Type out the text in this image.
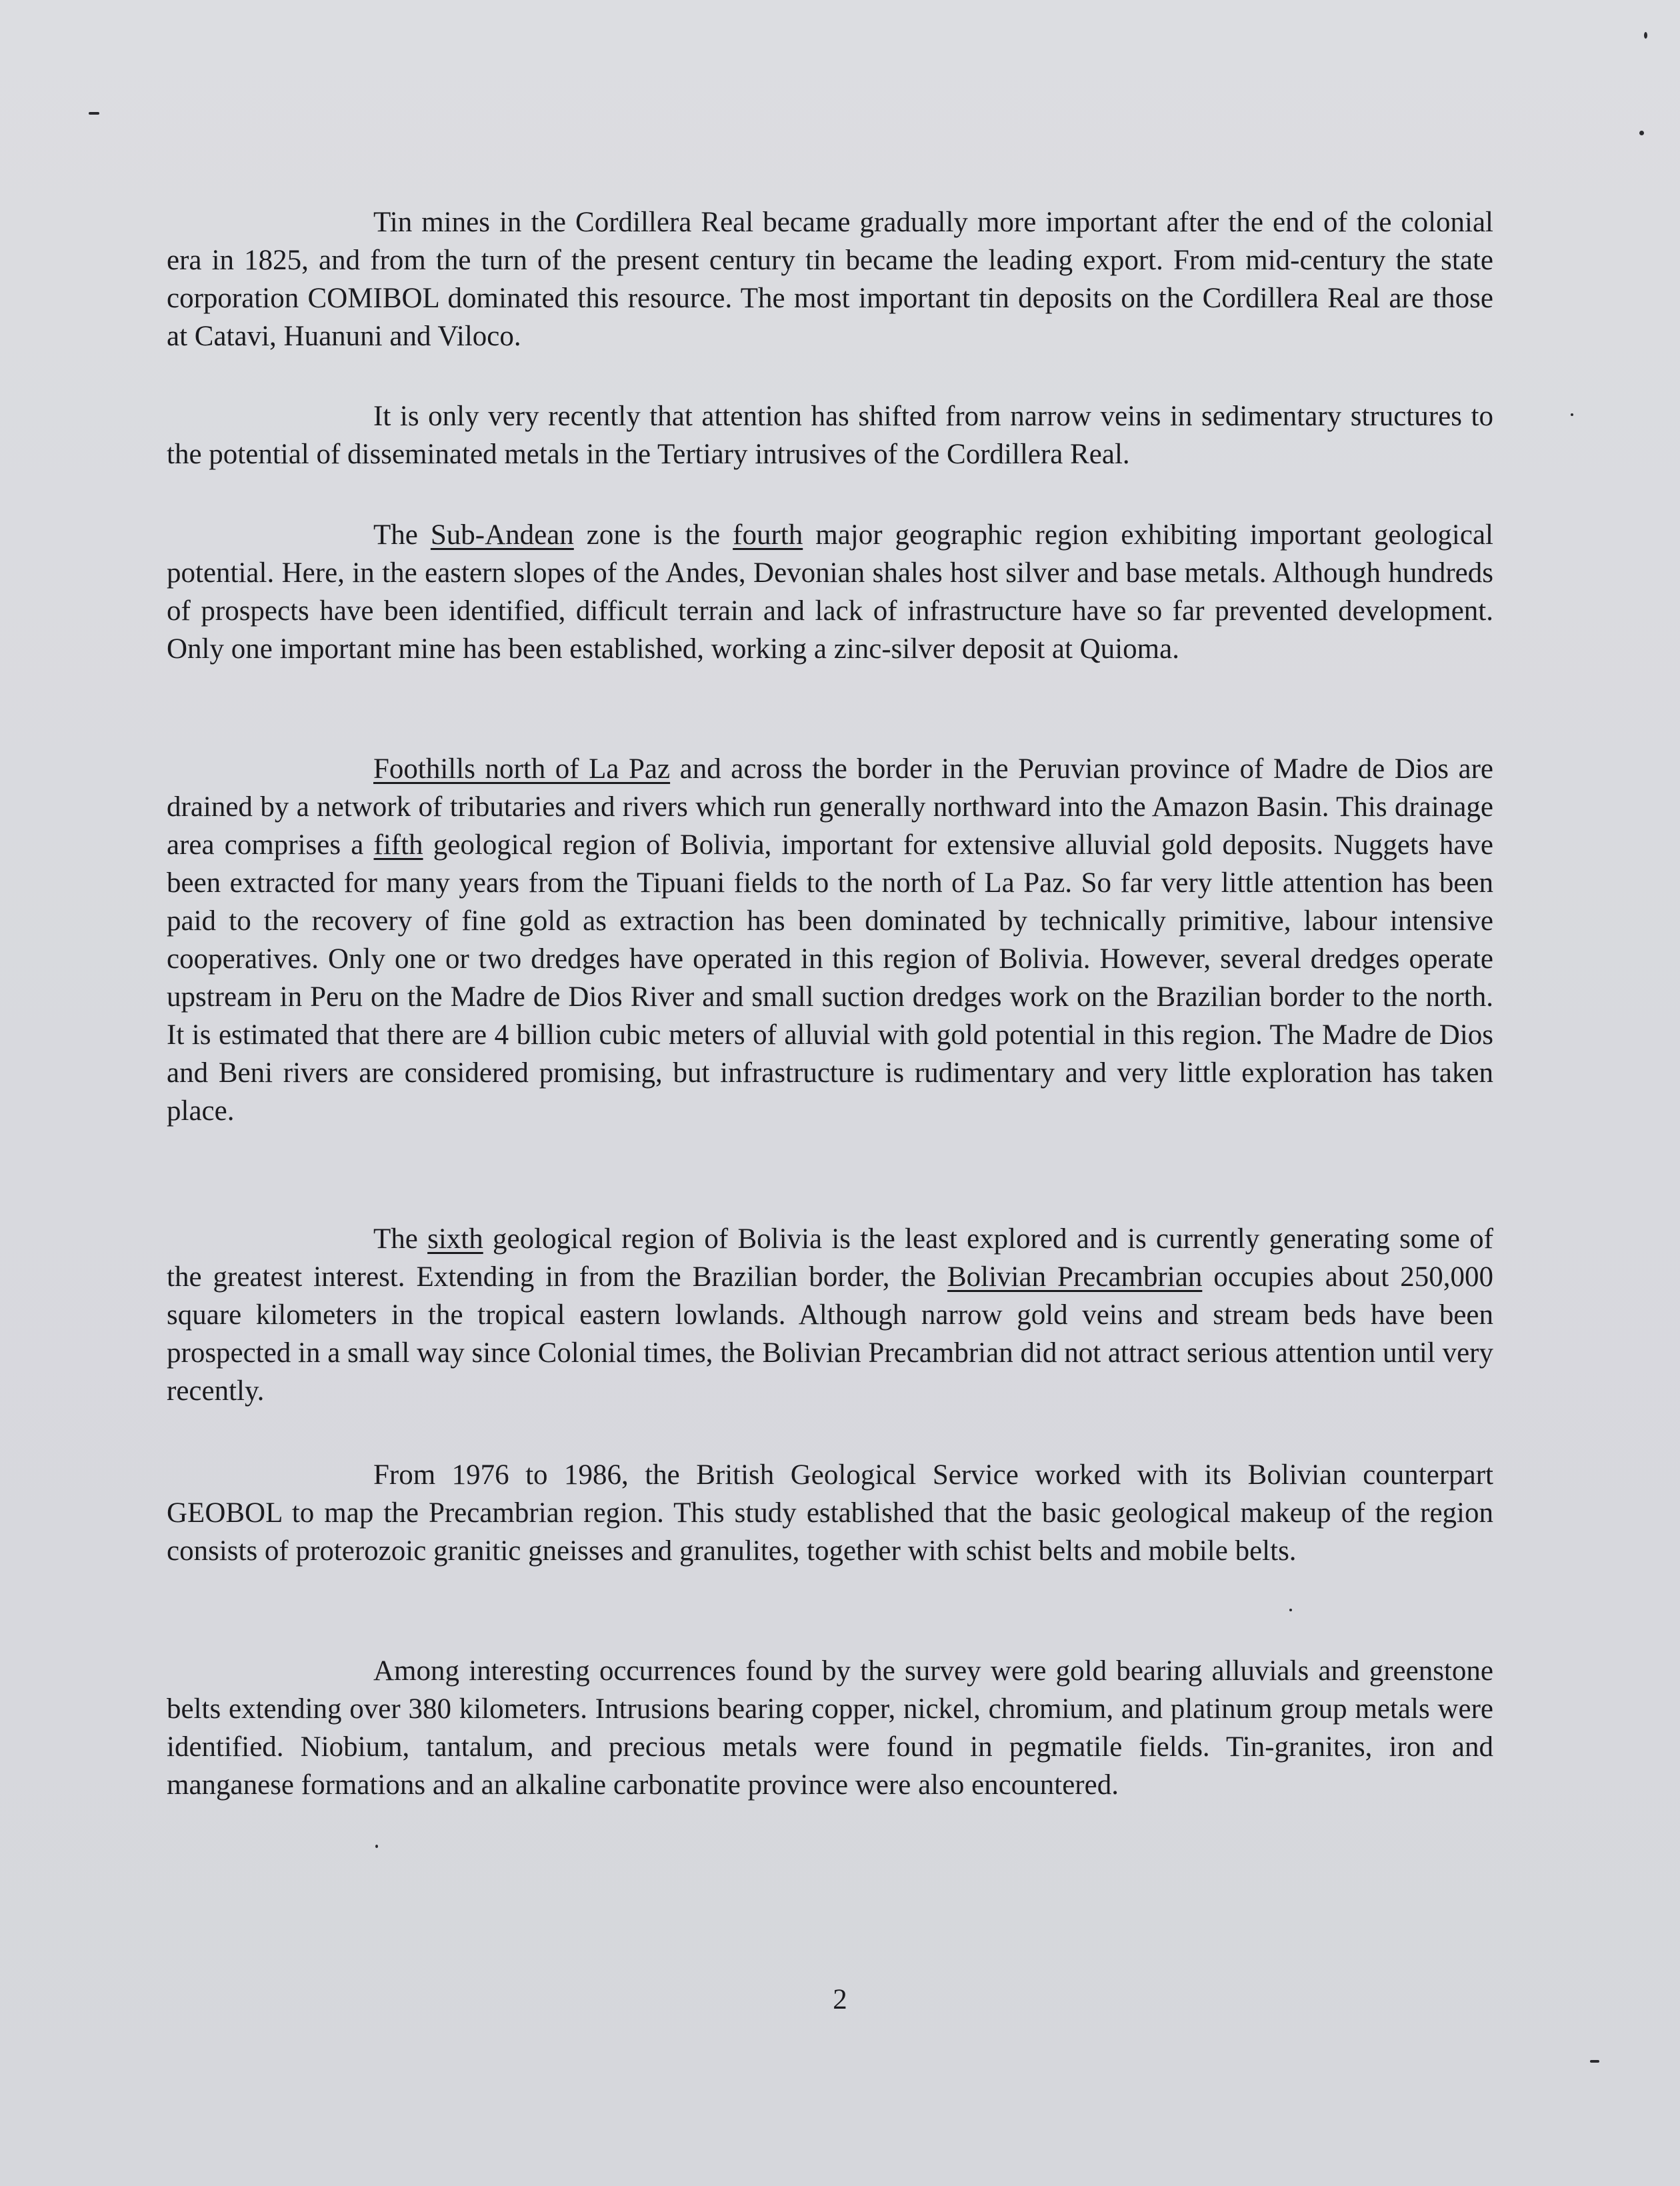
Tin mines in the Cordillera Real became gradually more important after the end of the colonial era in 1825, and from the turn of the present century tin became the leading export. From mid-century the state corporation COMIBOL dominated this resource. The most important tin deposits on the Cordillera Real are those at Catavi, Huanuni and Viloco.

It is only very recently that attention has shifted from narrow veins in sedimentary structures to the potential of disseminated metals in the Tertiary intrusives of the Cordillera Real.

The Sub-Andean zone is the fourth major geographic region exhibiting important geological potential. Here, in the eastern slopes of the Andes, Devonian shales host silver and base metals. Although hundreds of prospects have been identified, difficult terrain and lack of infrastructure have so far prevented development. Only one important mine has been established, working a zinc-silver deposit at Quioma.

Foothills north of La Paz and across the border in the Peruvian province of Madre de Dios are drained by a network of tributaries and rivers which run generally northward into the Amazon Basin. This drainage area comprises a fifth geological region of Bolivia, important for extensive alluvial gold deposits. Nuggets have been extracted for many years from the Tipuani fields to the north of La Paz. So far very little attention has been paid to the recovery of fine gold as extraction has been dominated by technically primitive, labour intensive cooperatives. Only one or two dredges have operated in this region of Bolivia. However, several dredges operate upstream in Peru on the Madre de Dios River and small suction dredges work on the Brazilian border to the north. It is estimated that there are 4 billion cubic meters of alluvial with gold potential in this region. The Madre de Dios and Beni rivers are considered promising, but infrastructure is rudimentary and very little exploration has taken place.

The sixth geological region of Bolivia is the least explored and is currently generating some of the greatest interest. Extending in from the Brazilian border, the Bolivian Precambrian occupies about 250,000 square kilometers in the tropical eastern lowlands. Although narrow gold veins and stream beds have been prospected in a small way since Colonial times, the Bolivian Precambrian did not attract serious attention until very recently.

From 1976 to 1986, the British Geological Service worked with its Bolivian counterpart GEOBOL to map the Precambrian region. This study established that the basic geological makeup of the region consists of proterozoic granitic gneisses and granulites, together with schist belts and mobile belts.

Among interesting occurrences found by the survey were gold bearing alluvials and greenstone belts extending over 380 kilometers. Intrusions bearing copper, nickel, chromium, and platinum group metals were identified. Niobium, tantalum, and precious metals were found in pegmatile fields. Tin-granites, iron and manganese formations and an alkaline carbonatite province were also encountered.

2
